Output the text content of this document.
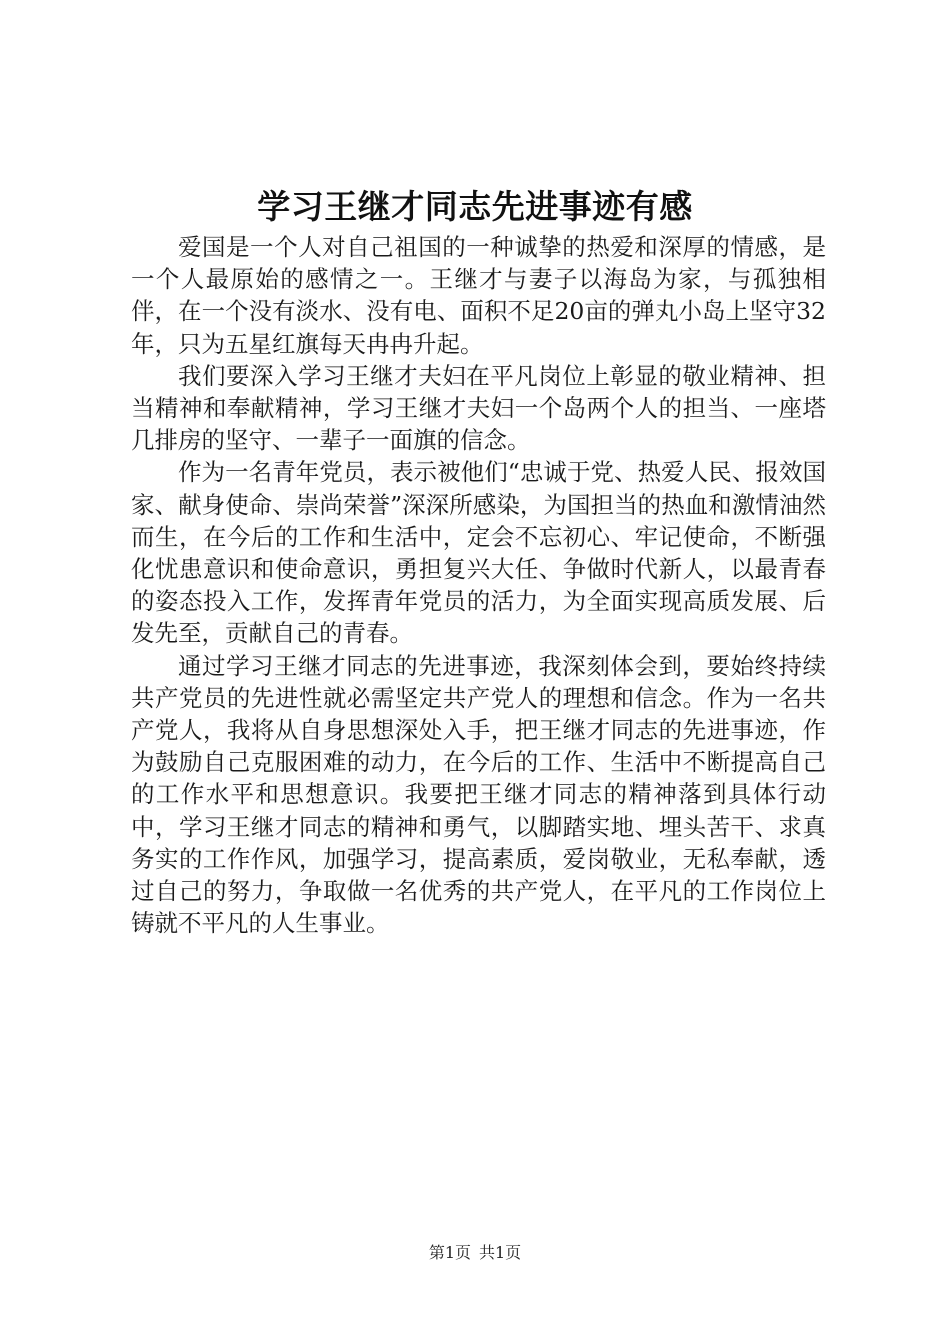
学习王继才同志先进事迹有感

爱国是一个人对自己祖国的一种诚挚的热爱和深厚的情感，是一个人最原始的感情之一。王继才与妻子以海岛为家，与孤独相伴，在一个没有淡水、没有电、面积不足20亩的弹丸小岛上坚守32年，只为五星红旗每天冉冉升起。

我们要深入学习王继才夫妇在平凡岗位上彰显的敬业精神、担当精神和奉献精神，学习王继才夫妇一个岛两个人的担当、一座塔几排房的坚守、一辈子一面旗的信念。

作为一名青年党员，表示被他们“忠诚于党、热爱人民、报效国家、献身使命、崇尚荣誉”深深所感染，为国担当的热血和激情油然而生，在今后的工作和生活中，定会不忘初心、牢记使命，不断强化忧患意识和使命意识，勇担复兴大任、争做时代新人，以最青春的姿态投入工作，发挥青年党员的活力，为全面实现高质发展、后发先至，贡献自己的青春。

通过学习王继才同志的先进事迹，我深刻体会到，要始终持续共产党员的先进性就必需坚定共产党人的理想和信念。作为一名共产党人，我将从自身思想深处入手，把王继才同志的先进事迹，作为鼓励自己克服困难的动力，在今后的工作、生活中不断提高自己的工作水平和思想意识。我要把王继才同志的精神落到具体行动中，学习王继才同志的精神和勇气，以脚踏实地、埋头苦干、求真务实的工作作风，加强学习，提高素质，爱岗敬业，无私奉献，透过自己的努力，争取做一名优秀的共产党人，在平凡的工作岗位上铸就不平凡的人生事业。

第1页 共1页
